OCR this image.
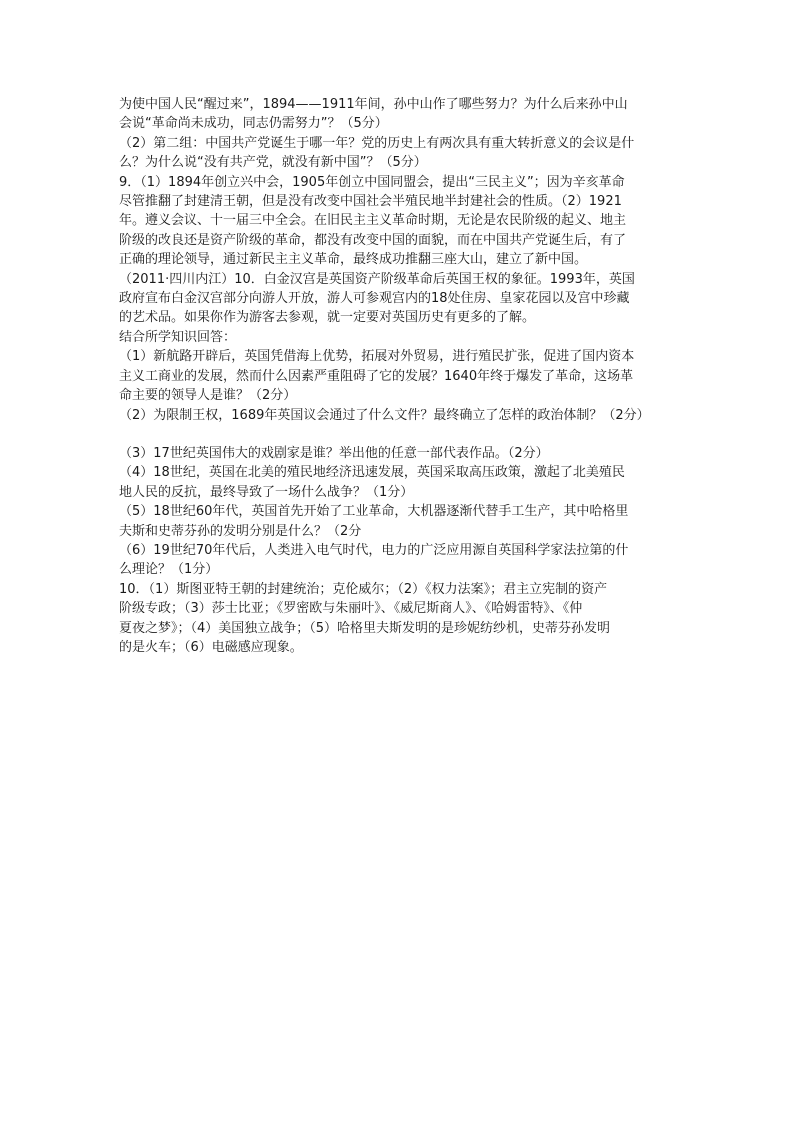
为使中国人民“醒过来”，1894——1911年间，孙中山作了哪些努力？为什么后来孙中山
会说“革命尚未成功，同志仍需努力”？（5分）
（2）第二组：中国共产党诞生于哪一年？党的历史上有两次具有重大转折意义的会议是什
么？为什么说“没有共产党，就没有新中国”？（5分）
9．（1）1894年创立兴中会，1905年创立中国同盟会，提出“三民主义”；因为辛亥革命
尽管推翻了封建清王朝，但是没有改变中国社会半殖民地半封建社会的性质。（2）1921
年。遵义会议、十一届三中全会。在旧民主主义革命时期，无论是农民阶级的起义、地主
阶级的改良还是资产阶级的革命，都没有改变中国的面貌，而在中国共产党诞生后，有了
正确的理论领导，通过新民主主义革命，最终成功推翻三座大山，建立了新中国。
（2011·四川内江）10．白金汉宫是英国资产阶级革命后英国王权的象征。1993年，英国
政府宣布白金汉宫部分向游人开放，游人可参观宫内的18处住房、皇家花园以及宫中珍藏
的艺术品。如果你作为游客去参观，就一定要对英国历史有更多的了解。
结合所学知识回答：
（1）新航路开辟后，英国凭借海上优势，拓展对外贸易，进行殖民扩张，促进了国内资本
主义工商业的发展，然而什么因素严重阻碍了它的发展？1640年终于爆发了革命，这场革
命主要的领导人是谁？（2分）
（2）为限制王权，1689年英国议会通过了什么文件？最终确立了怎样的政治体制？（2分）
（3）17世纪英国伟大的戏剧家是谁？举出他的任意一部代表作品。（2分）
（4）18世纪，英国在北美的殖民地经济迅速发展，英国采取高压政策，激起了北美殖民
地人民的反抗，最终导致了一场什么战争？（1分）
（5）18世纪60年代，英国首先开始了工业革命，大机器逐渐代替手工生产，其中哈格里
夫斯和史蒂芬孙的发明分别是什么？（2分
（6）19世纪70年代后，人类进入电气时代，电力的广泛应用源自英国科学家法拉第的什
么理论？（1分）
10．（1）斯图亚特王朝的封建统治；克伦威尔；（2）《权力法案》；君主立宪制的资产
阶级专政；（3）莎士比亚；《罗密欧与朱丽叶》、《威尼斯商人》、《哈姆雷特》、《仲
夏夜之梦》；（4）美国独立战争；（5）哈格里夫斯发明的是珍妮纺纱机，史蒂芬孙发明
的是火车；（6）电磁感应现象。
